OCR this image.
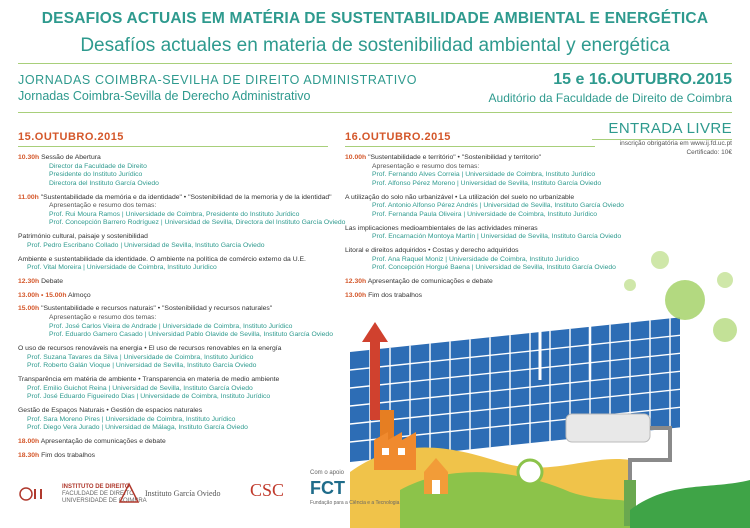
DESAFIOS ACTUAIS EM MATÉRIA DE SUSTENTABILIDADE AMBIENTAL E ENERGÉTICA
Desafíos actuales en materia de sostenibilidad ambiental y energética
JORNADAS COIMBRA-SEVILHA DE DIREITO ADMINISTRATIVO
Jornadas Coimbra-Sevilla de Derecho Administrativo
15 e 16.OUTUBRO.2015
Auditório da Faculdade de Direito de Coimbra
15.OUTUBRO.2015	16.OUTUBRO.2015	ENTRADA LIVRE
inscrição obrigatória em www.ij.fd.uc.pt
Certificado: 10€
10.30h Sessão de Abertura
Director da Faculdade de Direito
Presidente do Instituto Jurídico
Directora del Instituto García Oviedo
11.00h "Sustentabilidade da memória e da identidade" • "Sostenibilidad de la memoria y de la identidad"
Apresentação e resumo dos temas:
Prof. Rui Moura Ramos | Universidade de Coimbra, Presidente do Instituto Jurídico
Prof. Concepción Barrero Rodríguez | Universidad de Sevilla, Directora del Instituto García Oviedo
Património cultural, paisaje y sostenibilidad
Prof. Pedro Escribano Collado | Universidad de Sevilla, Instituto García Oviedo
Ambiente e sustentabilidade da identidade. O ambiente na política de comércio externo da U.E.
Prof. Vital Moreira | Universidade de Coimbra, Instituto Jurídico
12.30h Debate
13.00h • 15.00h Almoço
15.00h "Sustentabilidade e recursos naturais" • "Sostenibilidad y recursos naturales"
Apresentação e resumo dos temas:
Prof. José Carlos Vieira de Andrade | Universidade de Coimbra, Instituto Jurídico
Prof. Eduardo Gamero Casado | Universidad Pablo Olavide de Sevilla, Instituto García Oviedo
O uso de recursos renováveis na energia • El uso de recursos renovables en la energía
Prof. Suzana Tavares da Silva | Universidade de Coimbra, Instituto Jurídico
Prof. Roberto Galán Vioque | Universidad de Sevilla, Instituto García Oviedo
Transparência em matéria de ambiente • Transparencia en materia de medio ambiente
Prof. Emilio Guichot Reina | Universidad de Sevilla, Instituto García Oviedo
Prof. José Eduardo Figueiredo Dias | Universidade de Coimbra, Instituto Jurídico
Gestão de Espaços Naturais • Gestión de espacios naturales
Prof. Sara Moreno Pires | Universidade de Coimbra, Instituto Jurídico
Prof. Diego Vera Jurado | Universidad de Málaga, Instituto García Oviedo
18.00h Apresentação de comunicações e debate
18.30h Fim dos trabalhos
10.00h "Sustentabilidade e território" • "Sostenibilidad y territorio"
Apresentação e resumo dos temas:
Prof. Fernando Alves Correia | Universidade de Coimbra, Instituto Jurídico
Prof. Alfonso Pérez Moreno | Universidad de Sevilla, Instituto García Oviedo
A utilização do solo não urbanizável • La utilización del suelo no urbanizable
Prof. Antonio Alfonso Pérez Andrés | Universidad de Sevilla, Instituto García Oviedo
Prof. Fernanda Paula Oliveira | Universidade de Coimbra, Instituto Jurídico
Las implicaciones medioambientales de las actividades mineras
Prof. Encarnación Montoya Martín | Universidad de Sevilla, Instituto García Oviedo
Litoral e direitos adquiridos • Costas y derecho adquiridos
Prof. Ana Raquel Moniz | Universidade de Coimbra, Instituto Jurídico
Prof. Concepción Horgué Baena | Universidad de Sevilla, Instituto García Oviedo
12.30h Apresentação de comunicações e debate
13.00h Fim dos trabalhos
INSTITUTO DE DIREITO
FACULDADE DE DIREITO
UNIVERSIDADE DE COIMBRA
Instituto García Oviedo CSC
Com o apoio
FCT
Fundação para a Ciência e a Tecnologia
